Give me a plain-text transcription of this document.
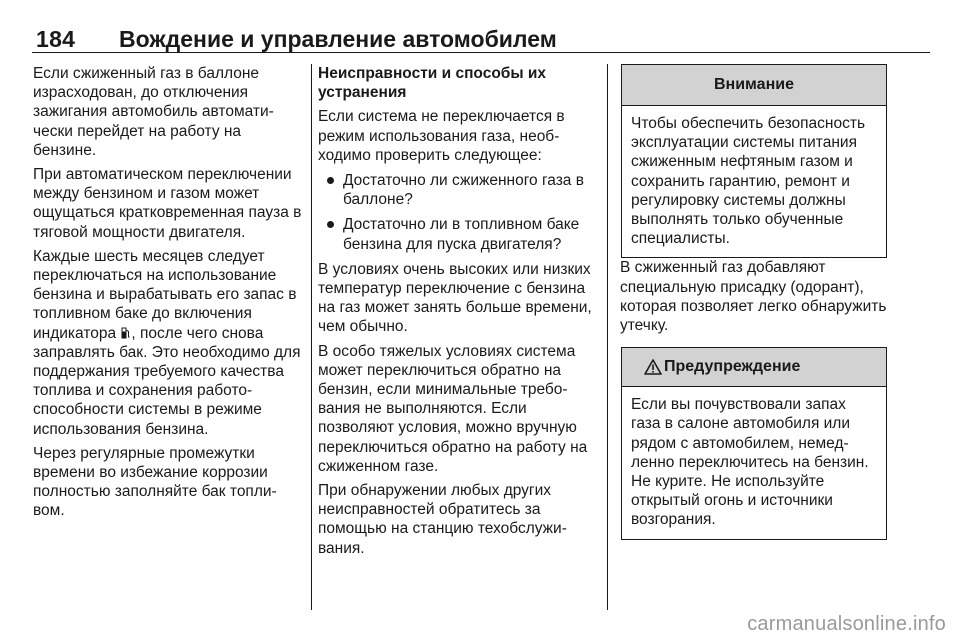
184 Вождение и управление автомобилем

Если сжиженный газ в баллоне израсходован, до отключения зажигания автомобиль автоматически перейдет на работу на бензине.

При автоматическом переключении между бензином и газом может ощущаться кратковременная пауза в тяговой мощности двигателя.

Каждые шесть месяцев следует переключаться на использование бензина и вырабатывать его запас в топливном баке до включения индикатора , после чего снова заправлять бак. Это необходимо для поддержания требуемого качества топлива и сохранения работоспособности системы в режиме использования бензина.

Через регулярные промежутки времени во избежание коррозии полностью заполняйте бак топливом.

Неисправности и способы их устранения

Если система не переключается в режим использования газа, необходимо проверить следующее:

Достаточно ли сжиженного газа в баллоне?
Достаточно ли в топливном баке бензина для пуска двигателя?

В условиях очень высоких или низких температур переключение с бензина на газ может занять больше времени, чем обычно.

В особо тяжелых условиях система может переключиться обратно на бензин, если минимальные требования не выполняются. Если позволяют условия, можно вручную переключиться обратно на работу на сжиженном газе.

При обнаружении любых других неисправностей обратитесь за помощью на станцию техобслуживания.

Внимание
Чтобы обеспечить безопасность эксплуатации системы питания сжиженным нефтяным газом и сохранить гарантию, ремонт и регулировку системы должны выполнять только обученные специалисты.

В сжиженный газ добавляют специальную присадку (одорант), которая позволяет легко обнаружить утечку.

Предупреждение
Если вы почувствовали запах газа в салоне автомобиля или рядом с автомобилем, немедленно переключитесь на бензин. Не курите. Не используйте открытый огонь и источники возгорания.
carmanualsonline.info
